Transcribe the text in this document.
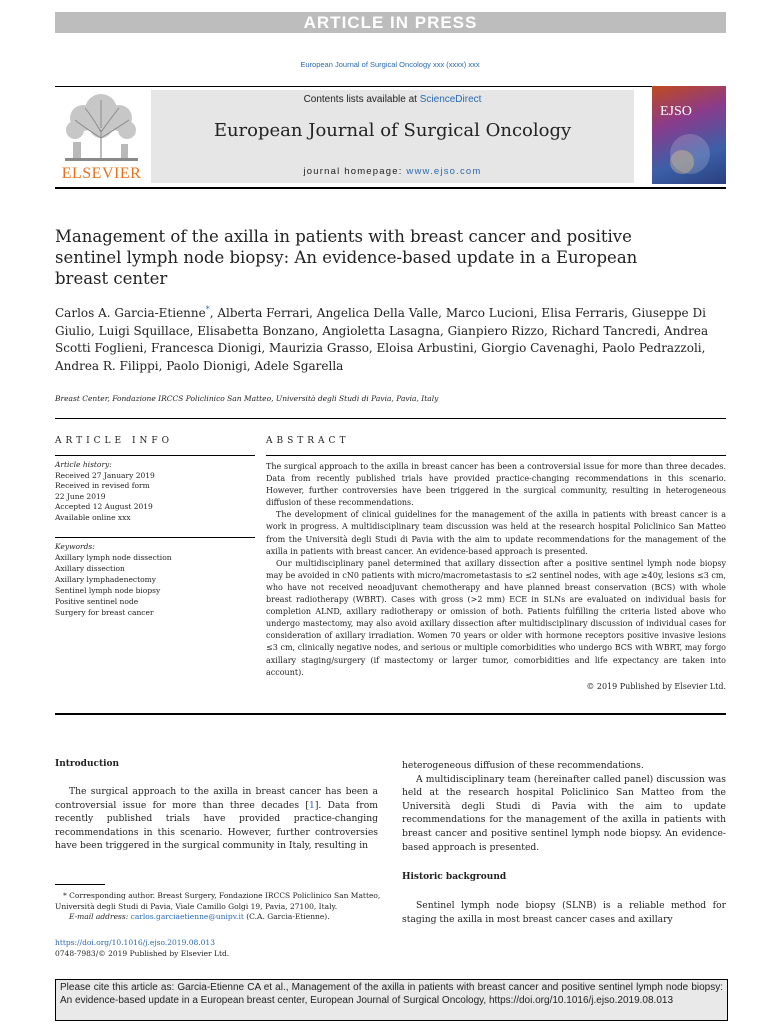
ARTICLE IN PRESS
European Journal of Surgical Oncology xxx (xxxx) xxx
ELSEVIER
Contents lists available at ScienceDirect
European Journal of Surgical Oncology
journal homepage: www.ejso.com
EJSO
Management of the axilla in patients with breast cancer and positive sentinel lymph node biopsy: An evidence-based update in a European breast center
Carlos A. Garcia-Etienne*, Alberta Ferrari, Angelica Della Valle, Marco Lucioni, Elisa Ferraris, Giuseppe Di Giulio, Luigi Squillace, Elisabetta Bonzano, Angioletta Lasagna, Gianpiero Rizzo, Richard Tancredi, Andrea Scotti Foglieni, Francesca Dionigi, Maurizia Grasso, Eloisa Arbustini, Giorgio Cavenaghi, Paolo Pedrazzoli, Andrea R. Filippi, Paolo Dionigi, Adele Sgarella
Breast Center, Fondazione IRCCS Policlinico San Matteo, Università degli Studi di Pavia, Pavia, Italy
ARTICLE INFO	ABSTRACT
Article history:
Received 27 January 2019
Received in revised form
22 June 2019
Accepted 12 August 2019
Available online xxx
Keywords:
Axillary lymph node dissection
Axillary dissection
Axillary lymphadenectomy
Sentinel lymph node biopsy
Positive sentinel node
Surgery for breast cancer

The surgical approach to the axilla in breast cancer has been a controversial issue for more than three decades. Data from recently published trials have provided practice-changing recommendations in this scenario. However, further controversies have been triggered in the surgical community, resulting in heterogeneous diffusion of these recommendations.

The development of clinical guidelines for the management of the axilla in patients with breast cancer is a work in progress. A multidisciplinary team discussion was held at the research hospital Policlinico San Matteo from the Università degli Studi di Pavia with the aim to update recommendations for the management of the axilla in patients with breast cancer. An evidence-based approach is presented.

Our multidisciplinary panel determined that axillary dissection after a positive sentinel lymph node biopsy may be avoided in cN0 patients with micro/macrometastasis to ≤2 sentinel nodes, with age ≥40y, lesions ≤3 cm, who have not received neoadjuvant chemotherapy and have planned breast conservation (BCS) with whole breast radiotherapy (WBRT). Cases with gross (>2 mm) ECE in SLNs are evaluated on individual basis for completion ALND, axillary radiotherapy or omission of both. Patients fulfilling the criteria listed above who undergo mastectomy, may also avoid axillary dissection after multidisciplinary discussion of individual cases for consideration of axillary irradiation. Women 70 years or older with hormone receptors positive invasive lesions ≤3 cm, clinically negative nodes, and serious or multiple comorbidities who undergo BCS with WBRT, may forgo axillary staging/surgery (if mastectomy or larger tumor, comorbidities and life expectancy are taken into account).

© 2019 Published by Elsevier Ltd.
Introduction

The surgical approach to the axilla in breast cancer has been a controversial issue for more than three decades [1]. Data from recently published trials have provided practice-changing recommendations in this scenario. However, further controversies have been triggered in the surgical community in Italy, resulting in

heterogeneous diffusion of these recommendations.

A multidisciplinary team (hereinafter called panel) discussion was held at the research hospital Policlinico San Matteo from the Università degli Studi di Pavia with the aim to update recommendations for the management of the axilla in patients with breast cancer and positive sentinel lymph node biopsy. An evidence-based approach is presented.

Historic background

Sentinel lymph node biopsy (SLNB) is a reliable method for staging the axilla in most breast cancer cases and axillary

* Corresponding author. Breast Surgery, Fondazione IRCCS Policlinico San Matteo, Università degli Studi di Pavia, Viale Camillo Golgi 19, Pavia, 27100, Italy.
E-mail address: carlos.garciaetienne@unipv.it (C.A. Garcia-Etienne).
https://doi.org/10.1016/j.ejso.2019.08.013
0748-7983/© 2019 Published by Elsevier Ltd.
Please cite this article as: Garcia-Etienne CA et al., Management of the axilla in patients with breast cancer and positive sentinel lymph node biopsy: An evidence-based update in a European breast center, European Journal of Surgical Oncology, https://doi.org/10.1016/j.ejso.2019.08.013
